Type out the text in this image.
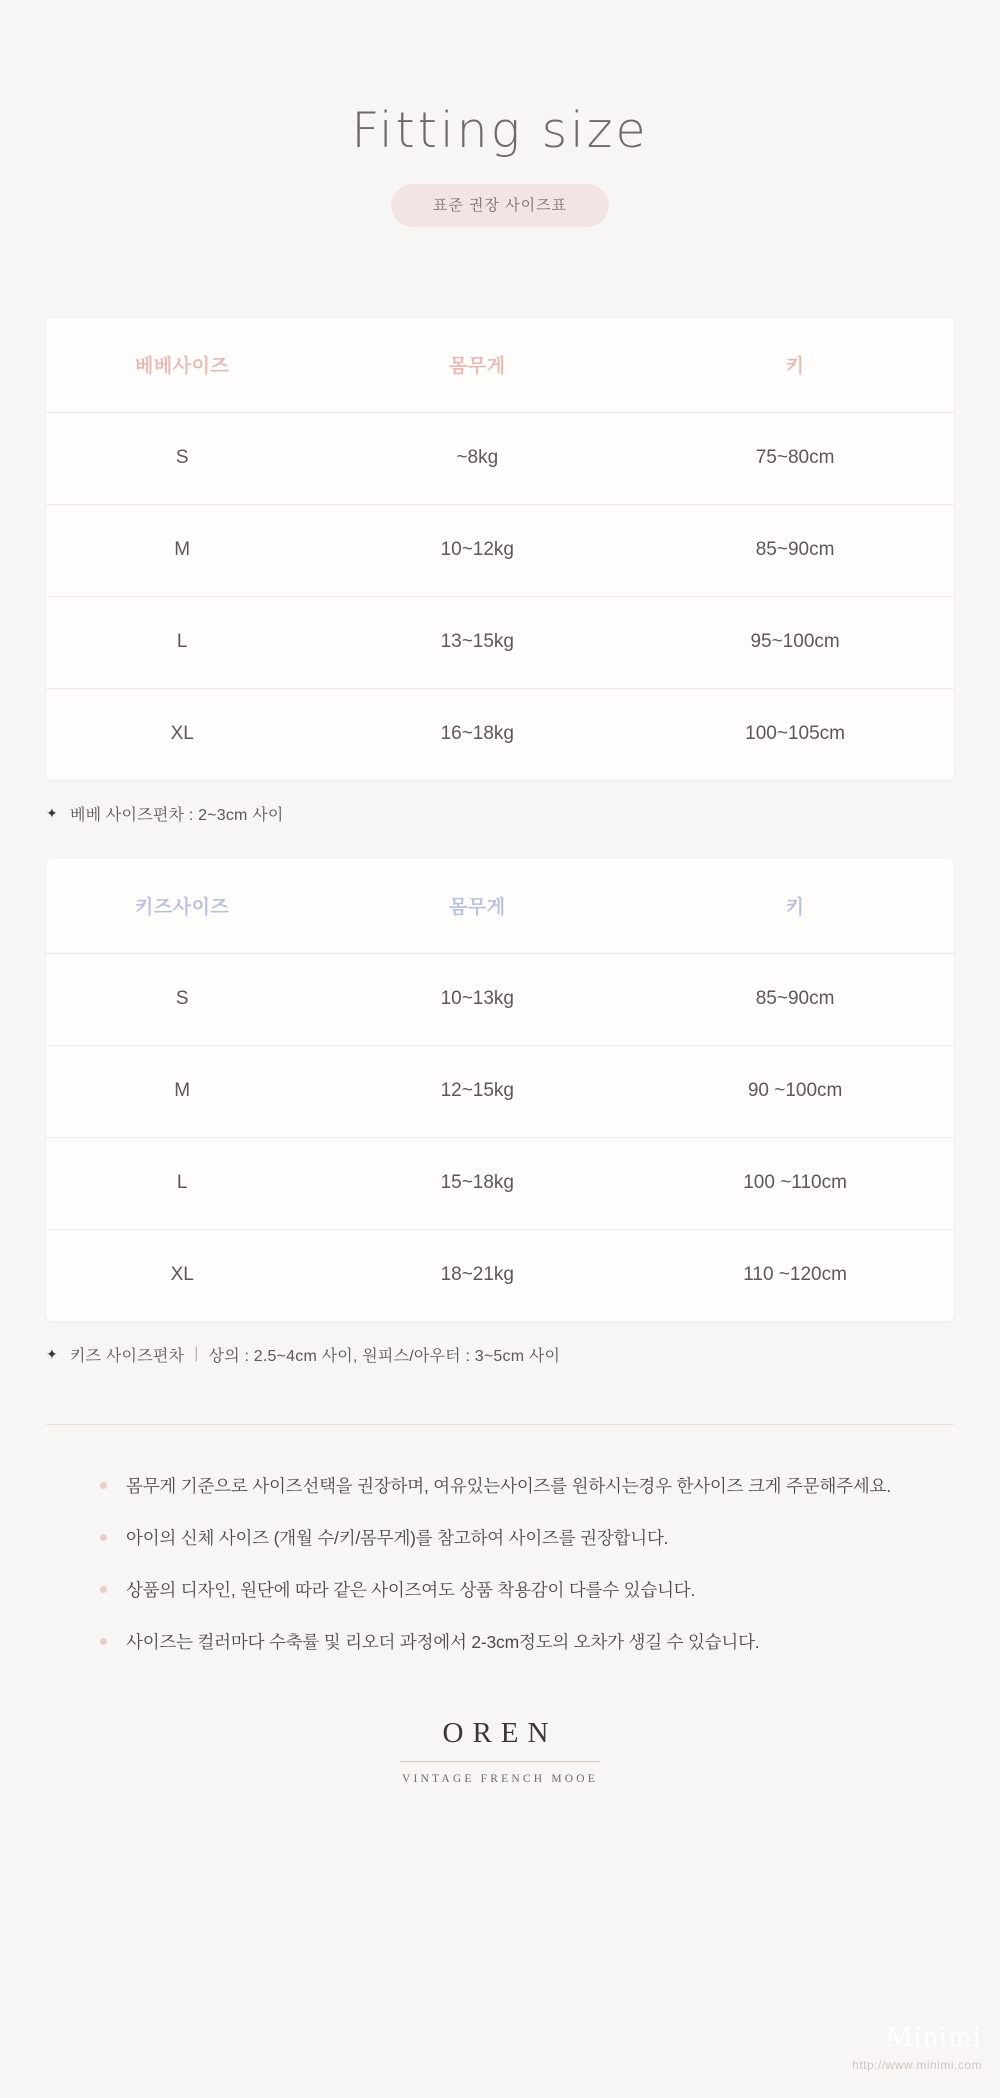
Fitting size
표준 권장 사이즈표
베베사이즈	몸무게	키
S	~8kg	75~80cm
M	10~12kg	85~90cm
L	13~15kg	95~100cm
XL	16~18kg	100~105cm
✦ 베베 사이즈편차 : 2~3cm 사이
키즈사이즈	몸무게	키
S	10~13kg	85~90cm
M	12~15kg	90 ~100cm
L	15~18kg	100 ~110cm
XL	18~21kg	110 ~120cm
✦ 키즈 사이즈편차 | 상의 : 2.5~4cm 사이, 원피스/아우터 : 3~5cm 사이
몸무게 기준으로 사이즈선택을 권장하며, 여유있는사이즈를 원하시는경우 한사이즈 크게 주문해주세요.
아이의 신체 사이즈 (개월 수/키/몸무게)를 참고하여 사이즈를 권장합니다.
상품의 디자인, 원단에 따라 같은 사이즈여도 상품 착용감이 다를수 있습니다.
사이즈는 컬러마다 수축률 및 리오더 과정에서 2-3cm정도의 오차가 생길 수 있습니다.
OREN
VINTAGE FRENCH MOOE
Minimi
http://www.minimi.com
